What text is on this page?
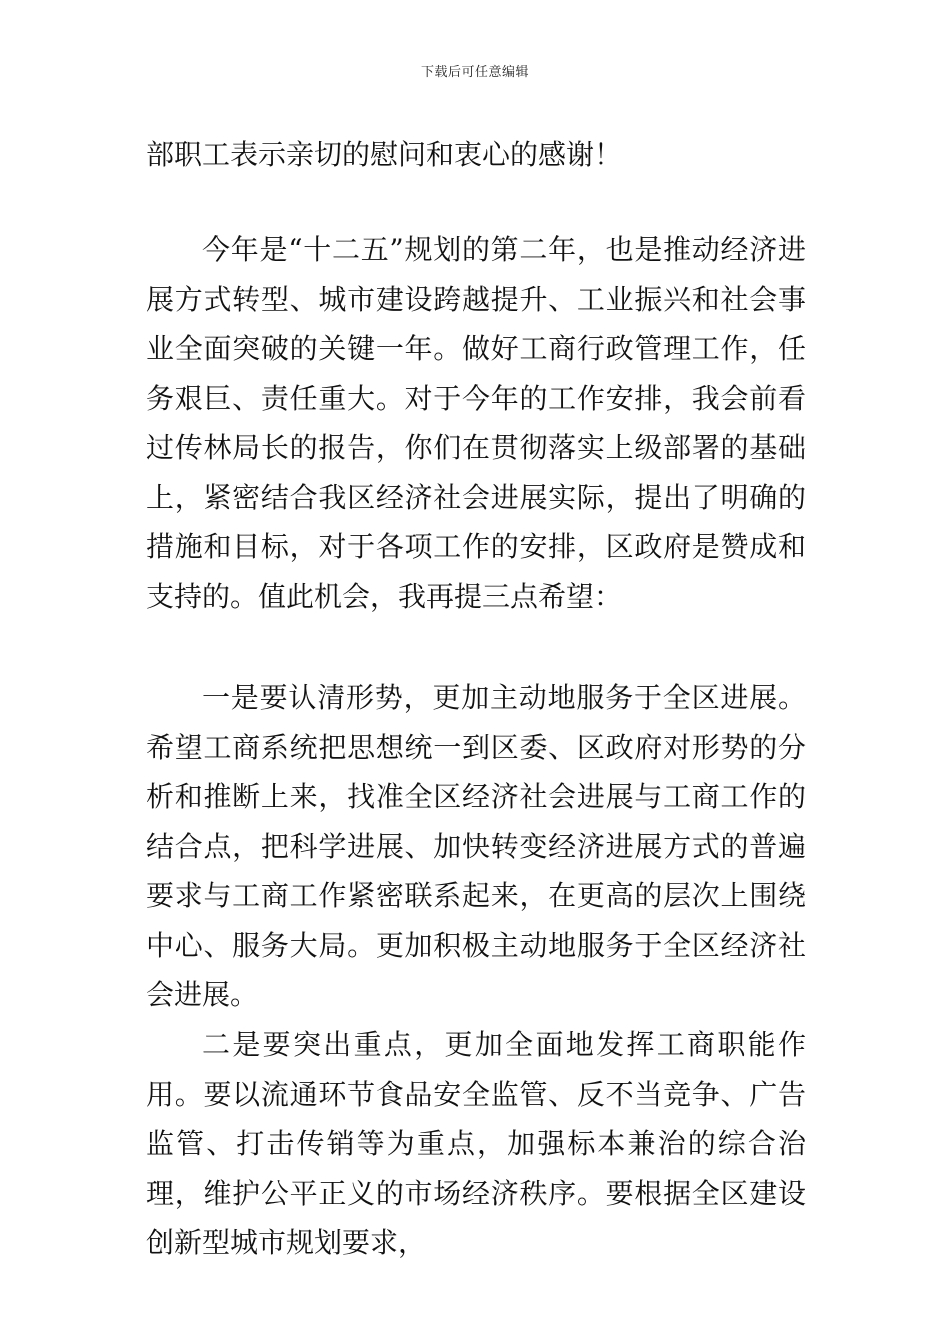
下载后可任意编辑

部职工表示亲切的慰问和衷心的感谢！

今年是“十二五”规划的第二年，也是推动经济进展方式转型、城市建设跨越提升、工业振兴和社会事业全面突破的关键一年。做好工商行政管理工作，任务艰巨、责任重大。对于今年的工作安排，我会前看过传林局长的报告，你们在贯彻落实上级部署的基础上，紧密结合我区经济社会进展实际，提出了明确的措施和目标，对于各项工作的安排，区政府是赞成和支持的。值此机会，我再提三点希望：

一是要认清形势，更加主动地服务于全区进展。希望工商系统把思想统一到区委、区政府对形势的分析和推断上来，找准全区经济社会进展与工商工作的结合点，把科学进展、加快转变经济进展方式的普遍要求与工商工作紧密联系起来，在更高的层次上围绕中心、服务大局。更加积极主动地服务于全区经济社会进展。

二是要突出重点，更加全面地发挥工商职能作用。要以流通环节食品安全监管、反不当竞争、广告监管、打击传销等为重点，加强标本兼治的综合治理，维护公平正义的市场经济秩序。要根据全区建设创新型城市规划要求，
